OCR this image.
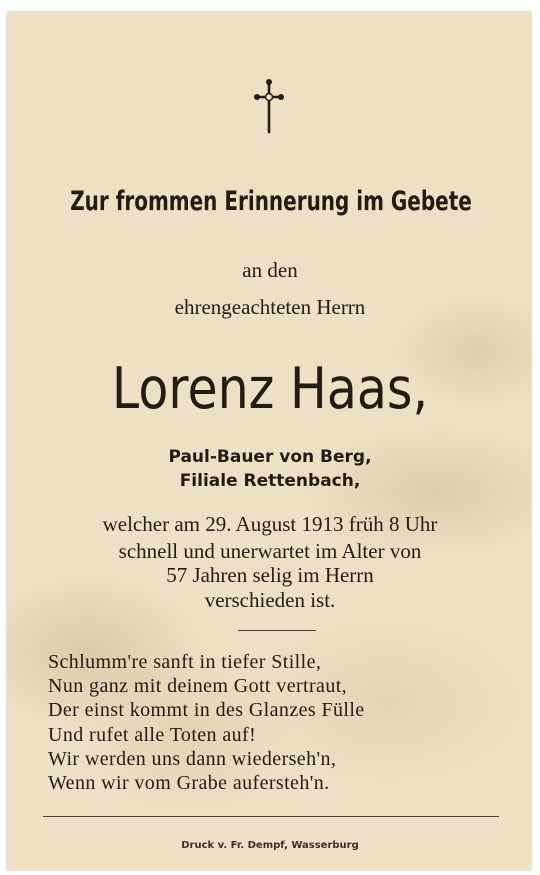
Zur frommen Erinnerung im Gebete
an den
ehrengeachteten Herrn
Lorenz Haas,
Paul-Bauer von Berg,
Filiale Rettenbach,
welcher am 29. August 1913 früh 8 Uhr
schnell und unerwartet im Alter von
57 Jahren selig im Herrn
verschieden ist.
Schlumm're sanft in tiefer Stille,
Nun ganz mit deinem Gott vertraut,
Der einst kommt in des Glanzes Fülle
Und rufet alle Toten auf!
Wir werden uns dann wiederseh'n,
Wenn wir vom Grabe aufersteh'n.
Druck v. Fr. Dempf, Wasserburg
